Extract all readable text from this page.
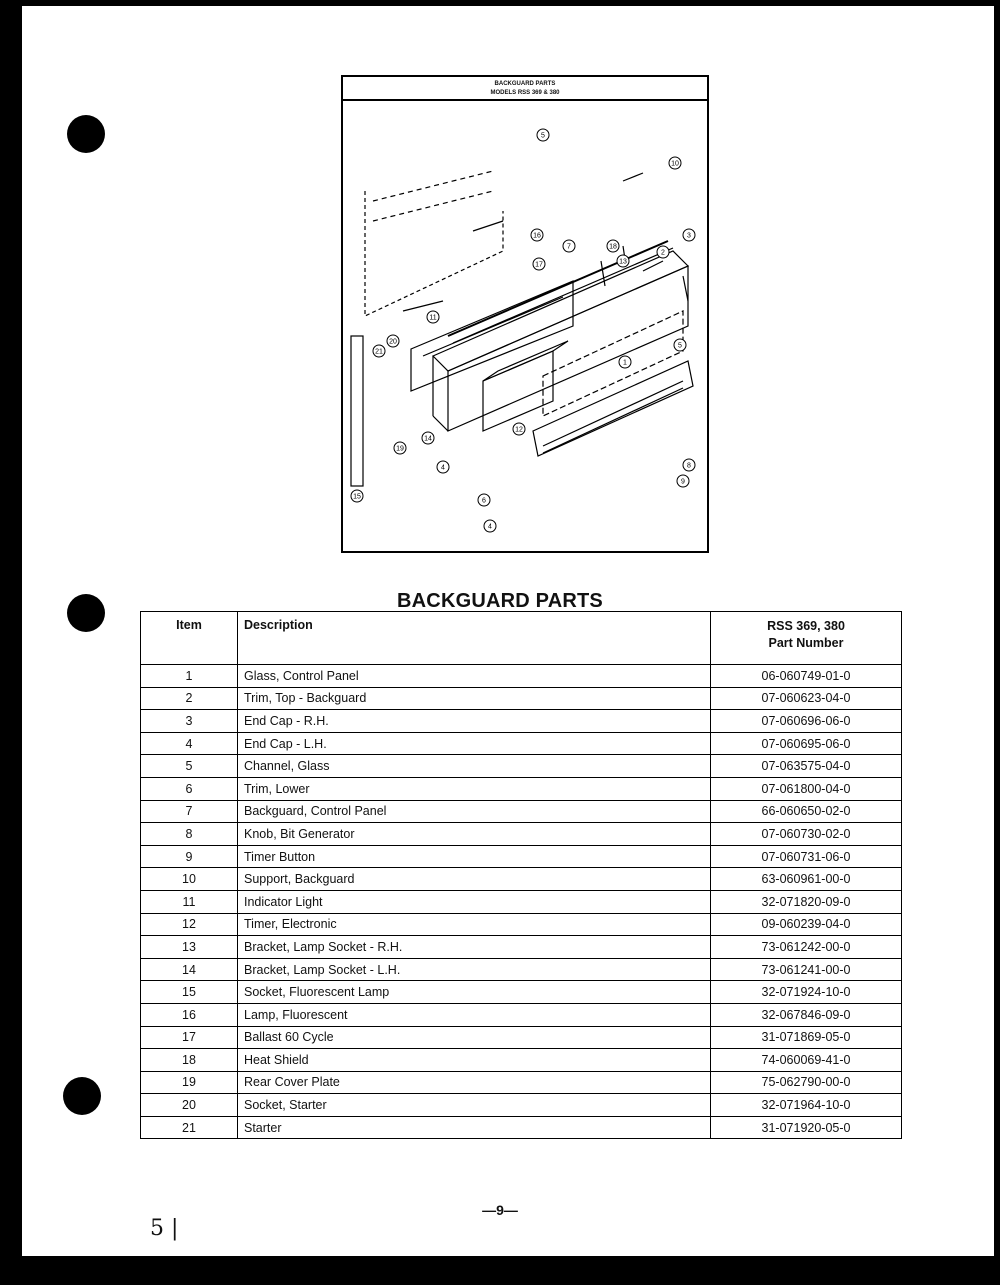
BACKGUARD PARTS
MODELS RSS 369 & 380
5
10
16
7
17
18
13
2
3
11
20
21
1
5
8
12
9
19
14
15
4
6
4
BACKGUARD PARTS
—9—
5 |
Item	Description	RSS 369, 380
Part Number

1	Glass, Control Panel	06-060749-01-0
2	Trim, Top - Backguard	07-060623-04-0
3	End Cap - R.H.	07-060696-06-0
4	End Cap - L.H.	07-060695-06-0
5	Channel, Glass	07-063575-04-0
6	Trim, Lower	07-061800-04-0
7	Backguard, Control Panel	66-060650-02-0
8	Knob, Bit Generator	07-060730-02-0
9	Timer Button	07-060731-06-0
10	Support, Backguard	63-060961-00-0
11	Indicator Light	32-071820-09-0
12	Timer, Electronic	09-060239-04-0
13	Bracket, Lamp Socket - R.H.	73-061242-00-0
14	Bracket, Lamp Socket - L.H.	73-061241-00-0
15	Socket, Fluorescent Lamp	32-071924-10-0
16	Lamp, Fluorescent	32-067846-09-0
17	Ballast 60 Cycle	31-071869-05-0
18	Heat Shield	74-060069-41-0
19	Rear Cover Plate	75-062790-00-0
20	Socket, Starter	32-071964-10-0
21	Starter	31-071920-05-0
